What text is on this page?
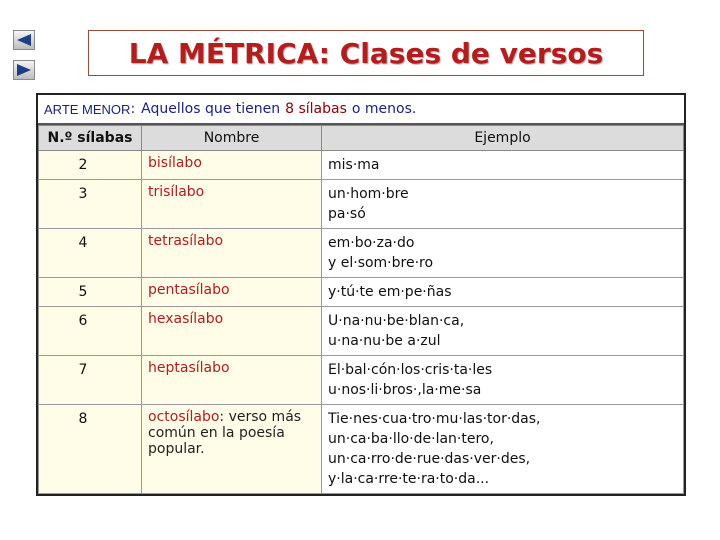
LA MÉTRICA: Clases de versos
ARTE MENOR : Aquellos que tienen 8 sílabas o menos.
N.º sílabas	Nombre	Ejemplo
2	bisílabo	mis·ma

3	trisílabo	un·hom·bre
pa·só

4	tetrasílabo	em·bo·za·do
y el·som·bre·ro

5	pentasílabo	y·tú·te em·pe·ñas

6	hexasílabo	U·na·nu·be·blan·ca,
u·na·nu·be a·zul

7	heptasílabo	El·bal·cón·los·cris·ta·les
u·nos·li·bros·,la·me·sa

8	octosílabo: verso más común en la poesía popular.	Tie·nes·cua·tro·mu·las·tor·das,
un·ca·ba·llo·de·lan·tero,
un·ca·rro·de·rue·das·ver·des,
y·la·ca·rre·te·ra·to·da...
